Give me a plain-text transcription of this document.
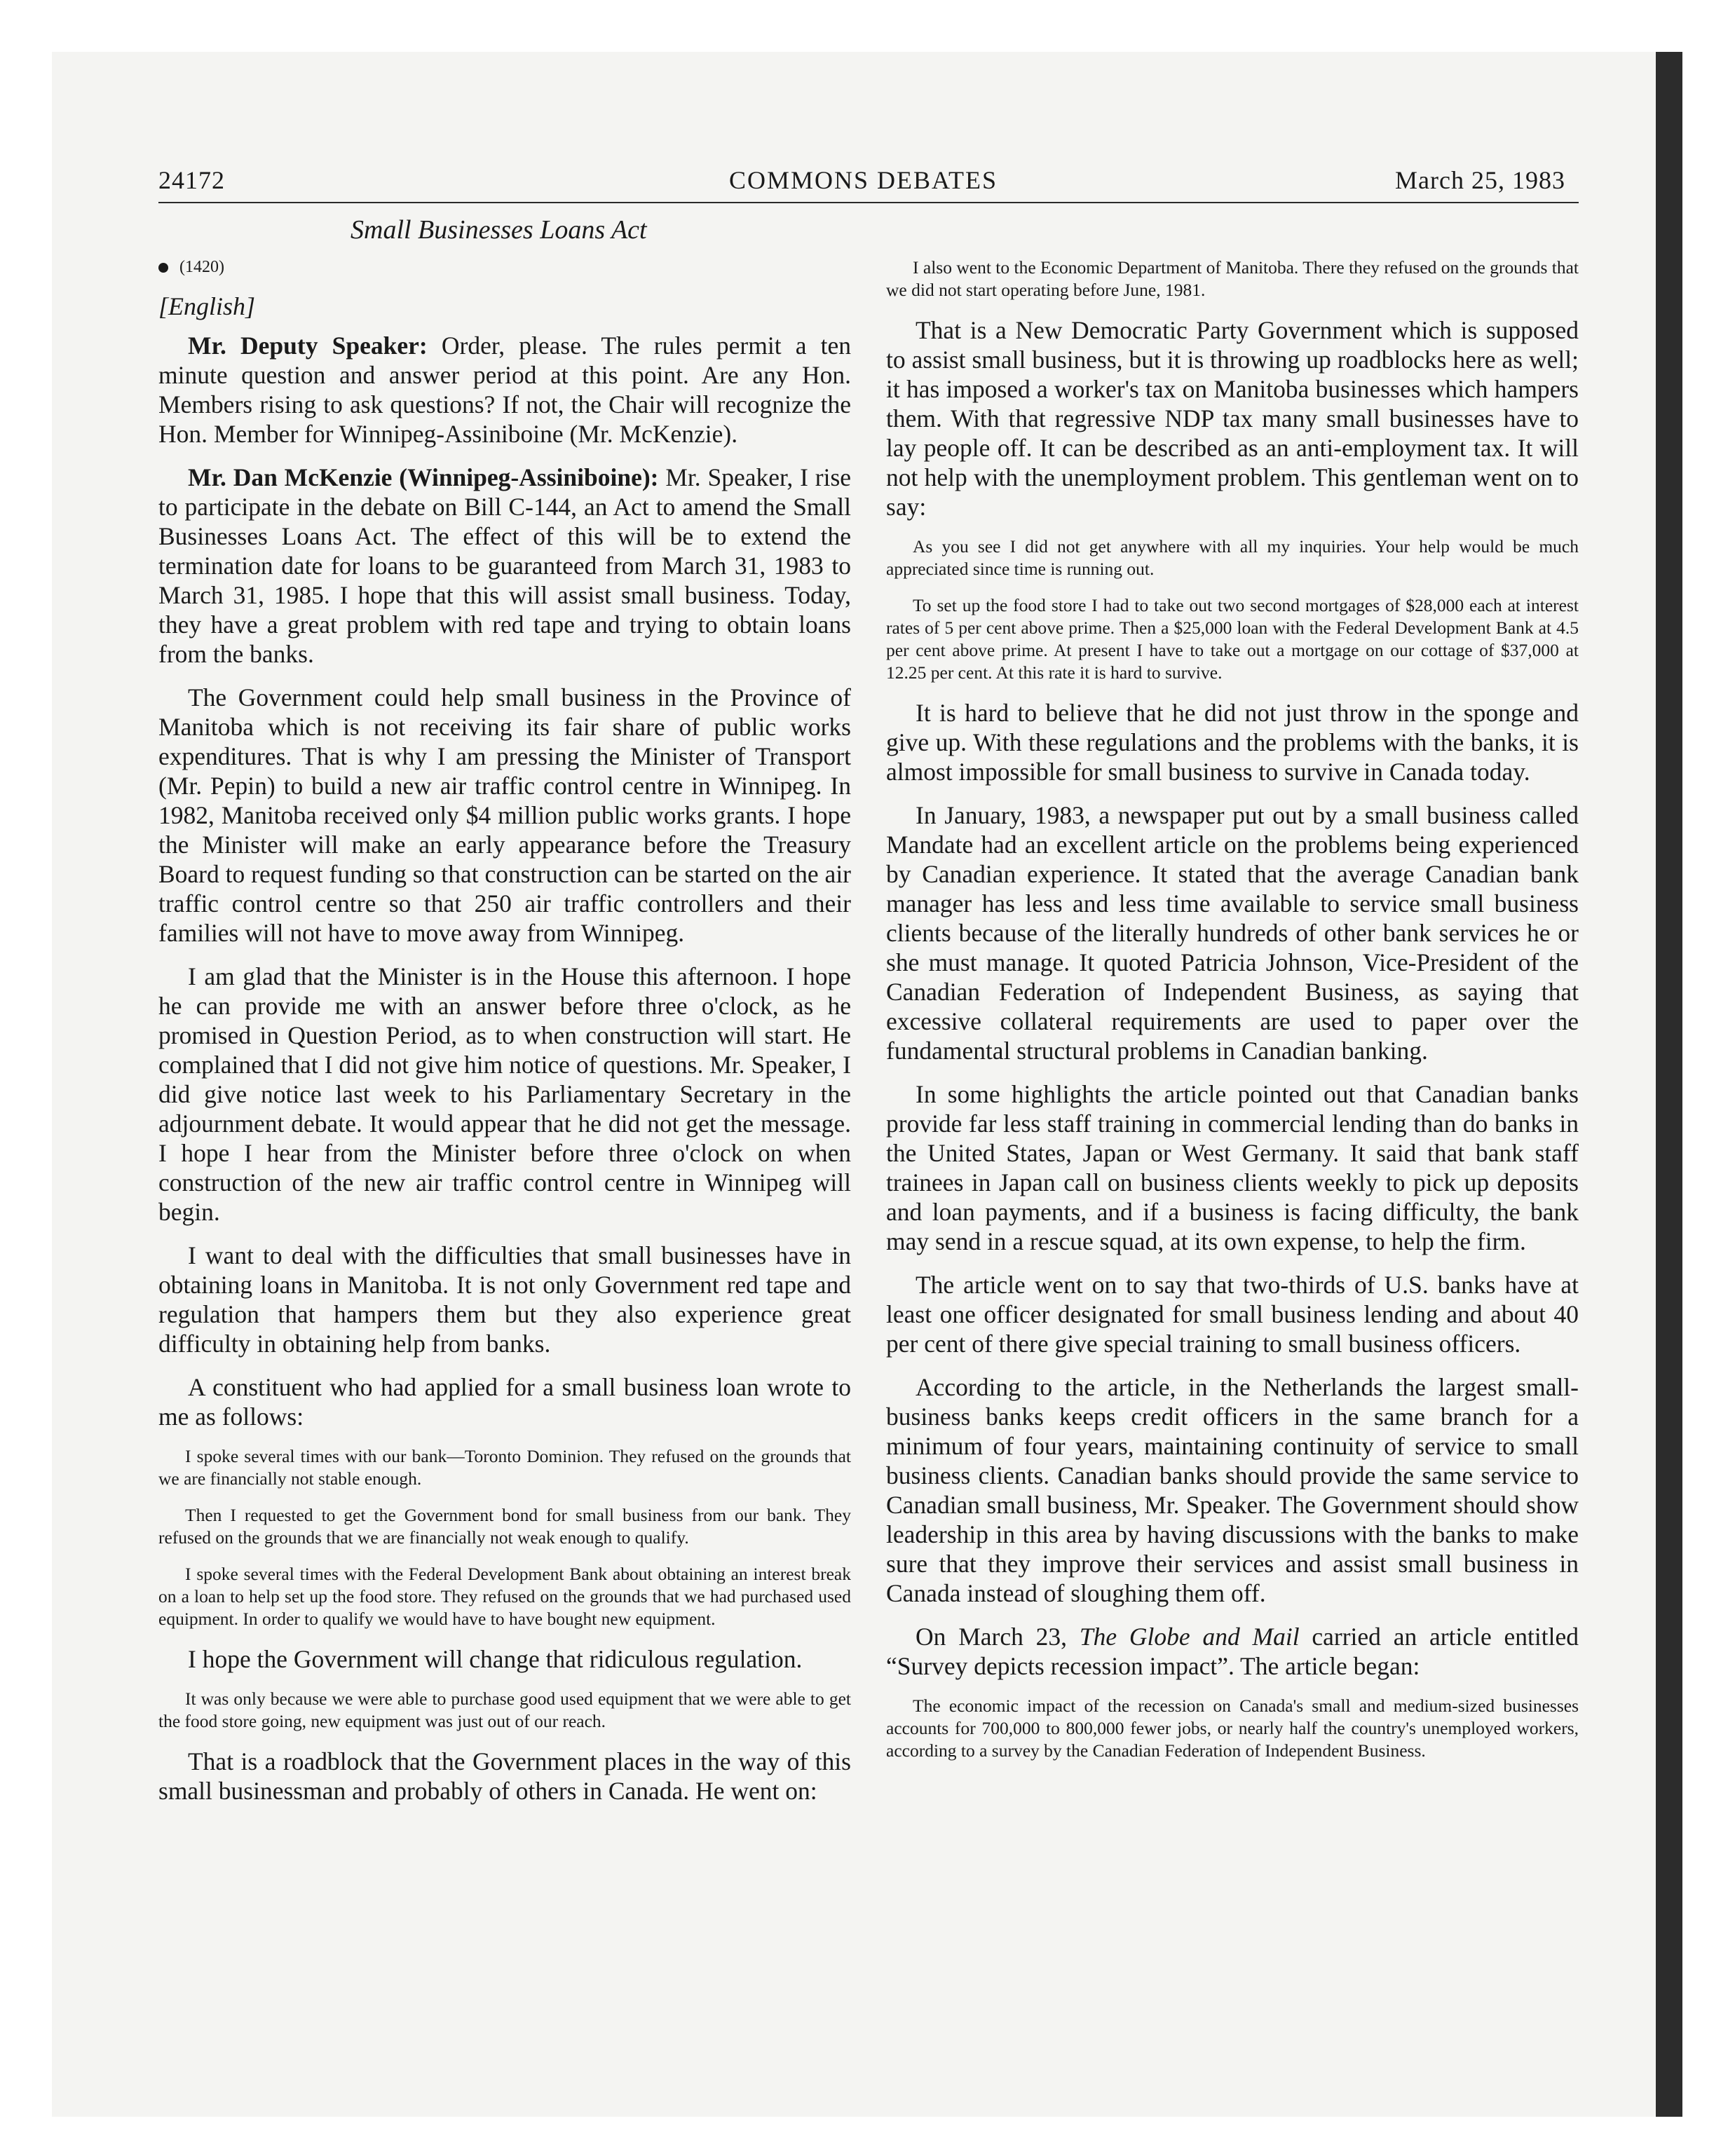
24172	COMMONS DEBATES	March 25, 1983
Small Businesses Loans Act
(1420)
[English]

Mr. Deputy Speaker: Order, please. The rules permit a ten minute question and answer period at this point. Are any Hon. Members rising to ask questions? If not, the Chair will recognize the Hon. Member for Winnipeg-Assiniboine (Mr. McKenzie).

Mr. Dan McKenzie (Winnipeg-Assiniboine): Mr. Speaker, I rise to participate in the debate on Bill C-144, an Act to amend the Small Businesses Loans Act. The effect of this will be to extend the termination date for loans to be guaranteed from March 31, 1983 to March 31, 1985. I hope that this will assist small business. Today, they have a great problem with red tape and trying to obtain loans from the banks.

The Government could help small business in the Province of Manitoba which is not receiving its fair share of public works expenditures. That is why I am pressing the Minister of Transport (Mr. Pepin) to build a new air traffic control centre in Winnipeg. In 1982, Manitoba received only $4 million public works grants. I hope the Minister will make an early appearance before the Treasury Board to request funding so that construction can be started on the air traffic control centre so that 250 air traffic controllers and their families will not have to move away from Winnipeg.

I am glad that the Minister is in the House this afternoon. I hope he can provide me with an answer before three o'clock, as he promised in Question Period, as to when construction will start. He complained that I did not give him notice of questions. Mr. Speaker, I did give notice last week to his Parliamentary Secretary in the adjournment debate. It would appear that he did not get the message. I hope I hear from the Minister before three o'clock on when construction of the new air traffic control centre in Winnipeg will begin.

I want to deal with the difficulties that small businesses have in obtaining loans in Manitoba. It is not only Government red tape and regulation that hampers them but they also experience great difficulty in obtaining help from banks.

A constituent who had applied for a small business loan wrote to me as follows:

I spoke several times with our bank—Toronto Dominion. They refused on the grounds that we are financially not stable enough.

Then I requested to get the Government bond for small business from our bank. They refused on the grounds that we are financially not weak enough to qualify.

I spoke several times with the Federal Development Bank about obtaining an interest break on a loan to help set up the food store. They refused on the grounds that we had purchased used equipment. In order to qualify we would have to have bought new equipment.

I hope the Government will change that ridiculous regulation.

It was only because we were able to purchase good used equipment that we were able to get the food store going, new equipment was just out of our reach.

That is a roadblock that the Government places in the way of this small businessman and probably of others in Canada. He went on:

I also went to the Economic Department of Manitoba. There they refused on the grounds that we did not start operating before June, 1981.

That is a New Democratic Party Government which is supposed to assist small business, but it is throwing up roadblocks here as well; it has imposed a worker's tax on Manitoba businesses which hampers them. With that regressive NDP tax many small businesses have to lay people off. It can be described as an anti-employment tax. It will not help with the unemployment problem. This gentleman went on to say:

As you see I did not get anywhere with all my inquiries. Your help would be much appreciated since time is running out.

To set up the food store I had to take out two second mortgages of $28,000 each at interest rates of 5 per cent above prime. Then a $25,000 loan with the Federal Development Bank at 4.5 per cent above prime. At present I have to take out a mortgage on our cottage of $37,000 at 12.25 per cent. At this rate it is hard to survive.

It is hard to believe that he did not just throw in the sponge and give up. With these regulations and the problems with the banks, it is almost impossible for small business to survive in Canada today.

In January, 1983, a newspaper put out by a small business called Mandate had an excellent article on the problems being experienced by Canadian experience. It stated that the average Canadian bank manager has less and less time available to service small business clients because of the literally hundreds of other bank services he or she must manage. It quoted Patricia Johnson, Vice-President of the Canadian Federation of Independent Business, as saying that excessive collateral requirements are used to paper over the fundamental structural problems in Canadian banking.

In some highlights the article pointed out that Canadian banks provide far less staff training in commercial lending than do banks in the United States, Japan or West Germany. It said that bank staff trainees in Japan call on business clients weekly to pick up deposits and loan payments, and if a business is facing difficulty, the bank may send in a rescue squad, at its own expense, to help the firm.

The article went on to say that two-thirds of U.S. banks have at least one officer designated for small business lending and about 40 per cent of there give special training to small business officers.

According to the article, in the Netherlands the largest small-business banks keeps credit officers in the same branch for a minimum of four years, maintaining continuity of service to small business clients. Canadian banks should provide the same service to Canadian small business, Mr. Speaker. The Government should show leadership in this area by having discussions with the banks to make sure that they improve their services and assist small business in Canada instead of sloughing them off.

On March 23, The Globe and Mail carried an article entitled “Survey depicts recession impact”. The article began:

The economic impact of the recession on Canada's small and medium-sized businesses accounts for 700,000 to 800,000 fewer jobs, or nearly half the country's unemployed workers, according to a survey by the Canadian Federation of Independent Business.
